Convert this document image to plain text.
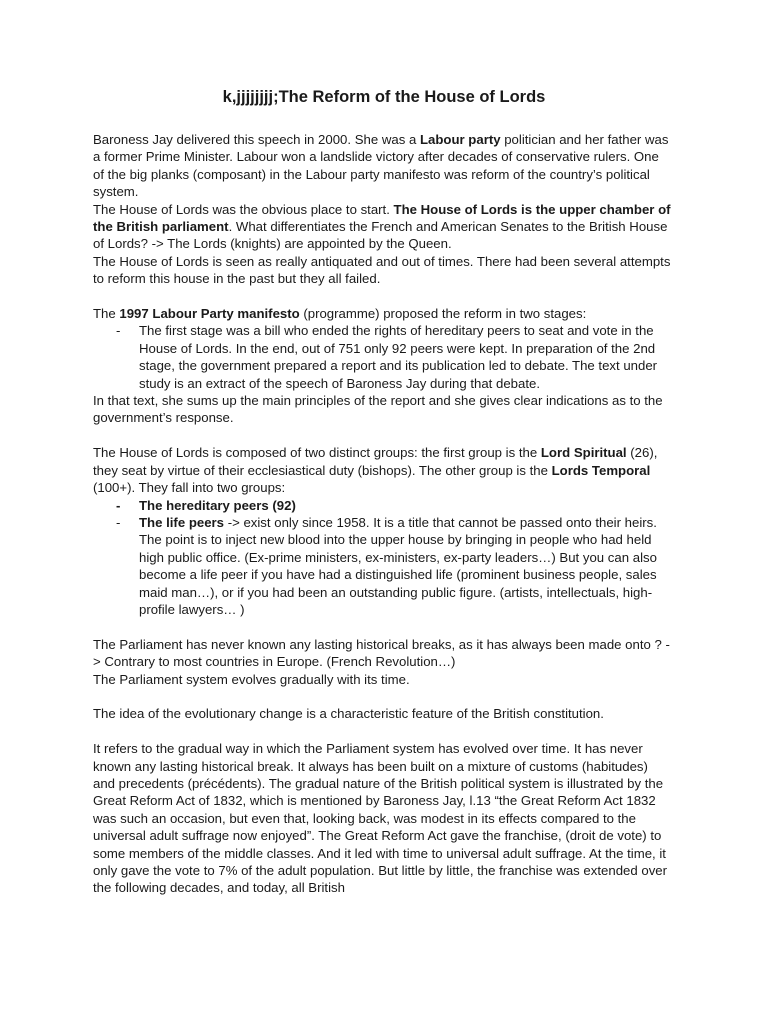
k,jjjjjjjj;The Reform of the House of Lords

Baroness Jay delivered this speech in 2000. She was a Labour party politician and her father was a former Prime Minister. Labour won a landslide victory after decades of conservative rulers. One of the big planks (composant) in the Labour party manifesto was reform of the country’s political system.

The House of Lords was the obvious place to start. The House of Lords is the upper chamber of the British parliament. What differentiates the French and American Senates to the British House of Lords? -> The Lords (knights) are appointed by the Queen.

The House of Lords is seen as really antiquated and out of times. There had been several attempts to reform this house in the past but they all failed.

The 1997 Labour Party manifesto (programme) proposed the reform in two stages:

- The first stage was a bill who ended the rights of hereditary peers to seat and vote in the House of Lords. In the end, out of 751 only 92 peers were kept. In preparation of the 2nd stage, the government prepared a report and its publication led to debate. The text under study is an extract of the speech of Baroness Jay during that debate.

In that text, she sums up the main principles of the report and she gives clear indications as to the government’s response.

The House of Lords is composed of two distinct groups: the first group is the Lord Spiritual (26), they seat by virtue of their ecclesiastical duty (bishops). The other group is the Lords Temporal (100+). They fall into two groups:

- The hereditary peers (92)
- The life peers -> exist only since 1958. It is a title that cannot be passed onto their heirs. The point is to inject new blood into the upper house by bringing in people who had held high public office. (Ex-prime ministers, ex-ministers, ex-party leaders…) But you can also become a life peer if you have had a distinguished life (prominent business people, sales maid man…), or if you had been an outstanding public figure. (artists, intellectuals, high-profile lawyers… )

The Parliament has never known any lasting historical breaks, as it has always been made onto ? -> Contrary to most countries in Europe. (French Revolution…)

The Parliament system evolves gradually with its time.

The idea of the evolutionary change is a characteristic feature of the British constitution.

It refers to the gradual way in which the Parliament system has evolved over time. It has never known any lasting historical break. It always has been built on a mixture of customs (habitudes) and precedents (précédents). The gradual nature of the British political system is illustrated by the Great Reform Act of 1832, which is mentioned by Baroness Jay, l.13 “the Great Reform Act 1832 was such an occasion, but even that, looking back, was modest in its effects compared to the universal adult suffrage now enjoyed”. The Great Reform Act gave the franchise, (droit de vote) to some members of the middle classes. And it led with time to universal adult suffrage. At the time, it only gave the vote to 7% of the adult population. But little by little, the franchise was extended over the following decades, and today, all British
